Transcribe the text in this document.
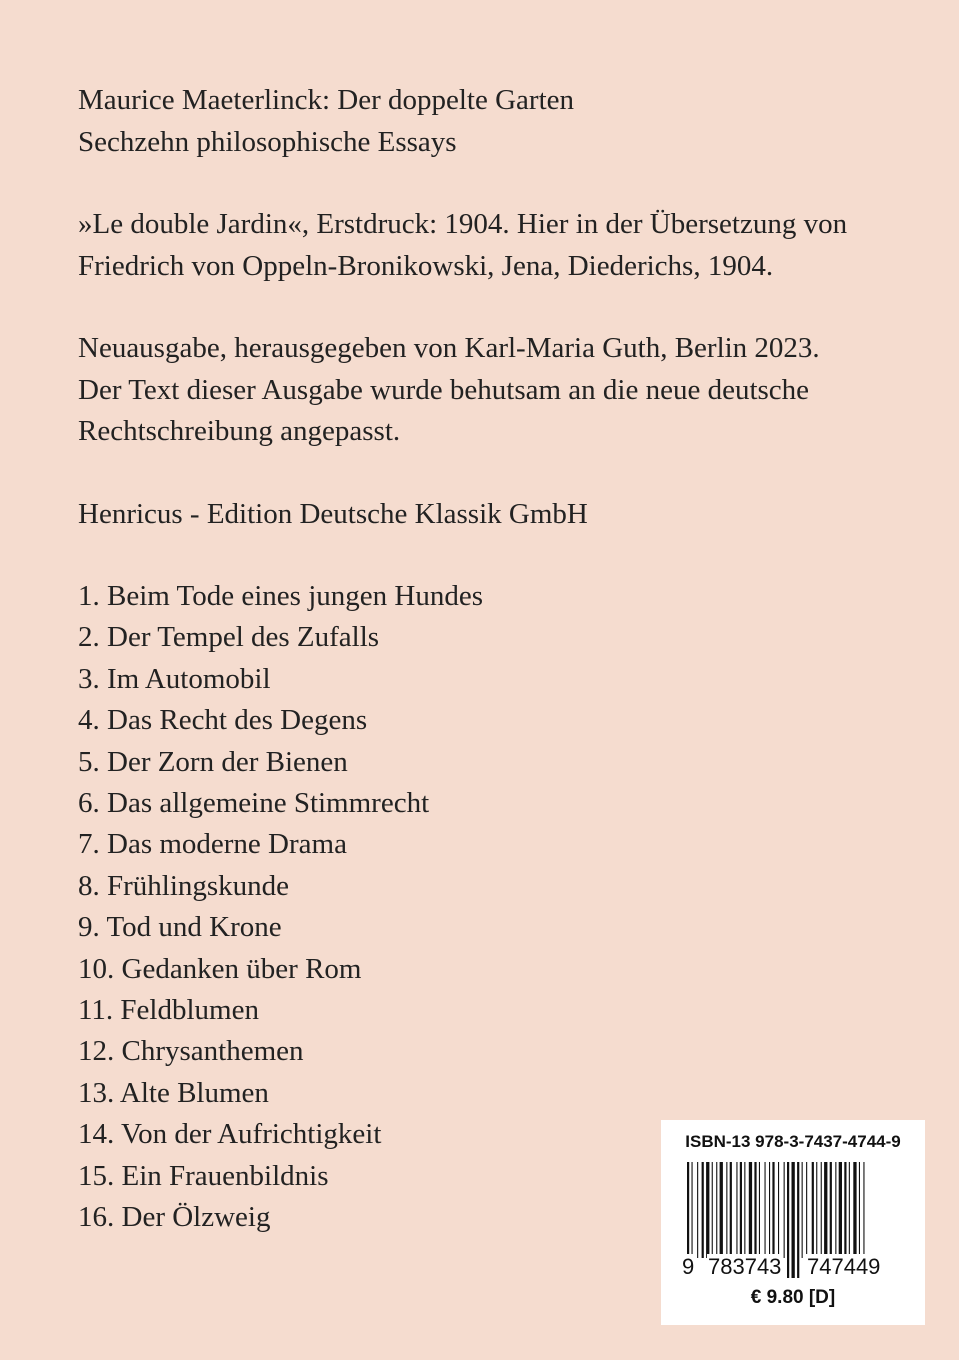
Maurice Maeterlinck: Der doppelte Garten
Sechzehn philosophische Essays
»Le double Jardin«, Erstdruck: 1904. Hier in der Übersetzung von
Friedrich von Oppeln-Bronikowski, Jena, Diederichs, 1904.
Neuausgabe, herausgegeben von Karl-Maria Guth, Berlin 2023.
Der Text dieser Ausgabe wurde behutsam an die neue deutsche
Rechtschreibung angepasst.
Henricus - Edition Deutsche Klassik GmbH
1. Beim Tode eines jungen Hundes
2. Der Tempel des Zufalls
3. Im Automobil
4. Das Recht des Degens
5. Der Zorn der Bienen
6. Das allgemeine Stimmrecht
7. Das moderne Drama
8. Frühlingskunde
9. Tod und Krone
10. Gedanken über Rom
11. Feldblumen
12. Chrysanthemen
13. Alte Blumen
14. Von der Aufrichtigkeit
15. Ein Frauenbildnis
16. Der Ölzweig
ISBN-13 978-3-7437-4744-9
9 783743 747449
€ 9.80 [D]
